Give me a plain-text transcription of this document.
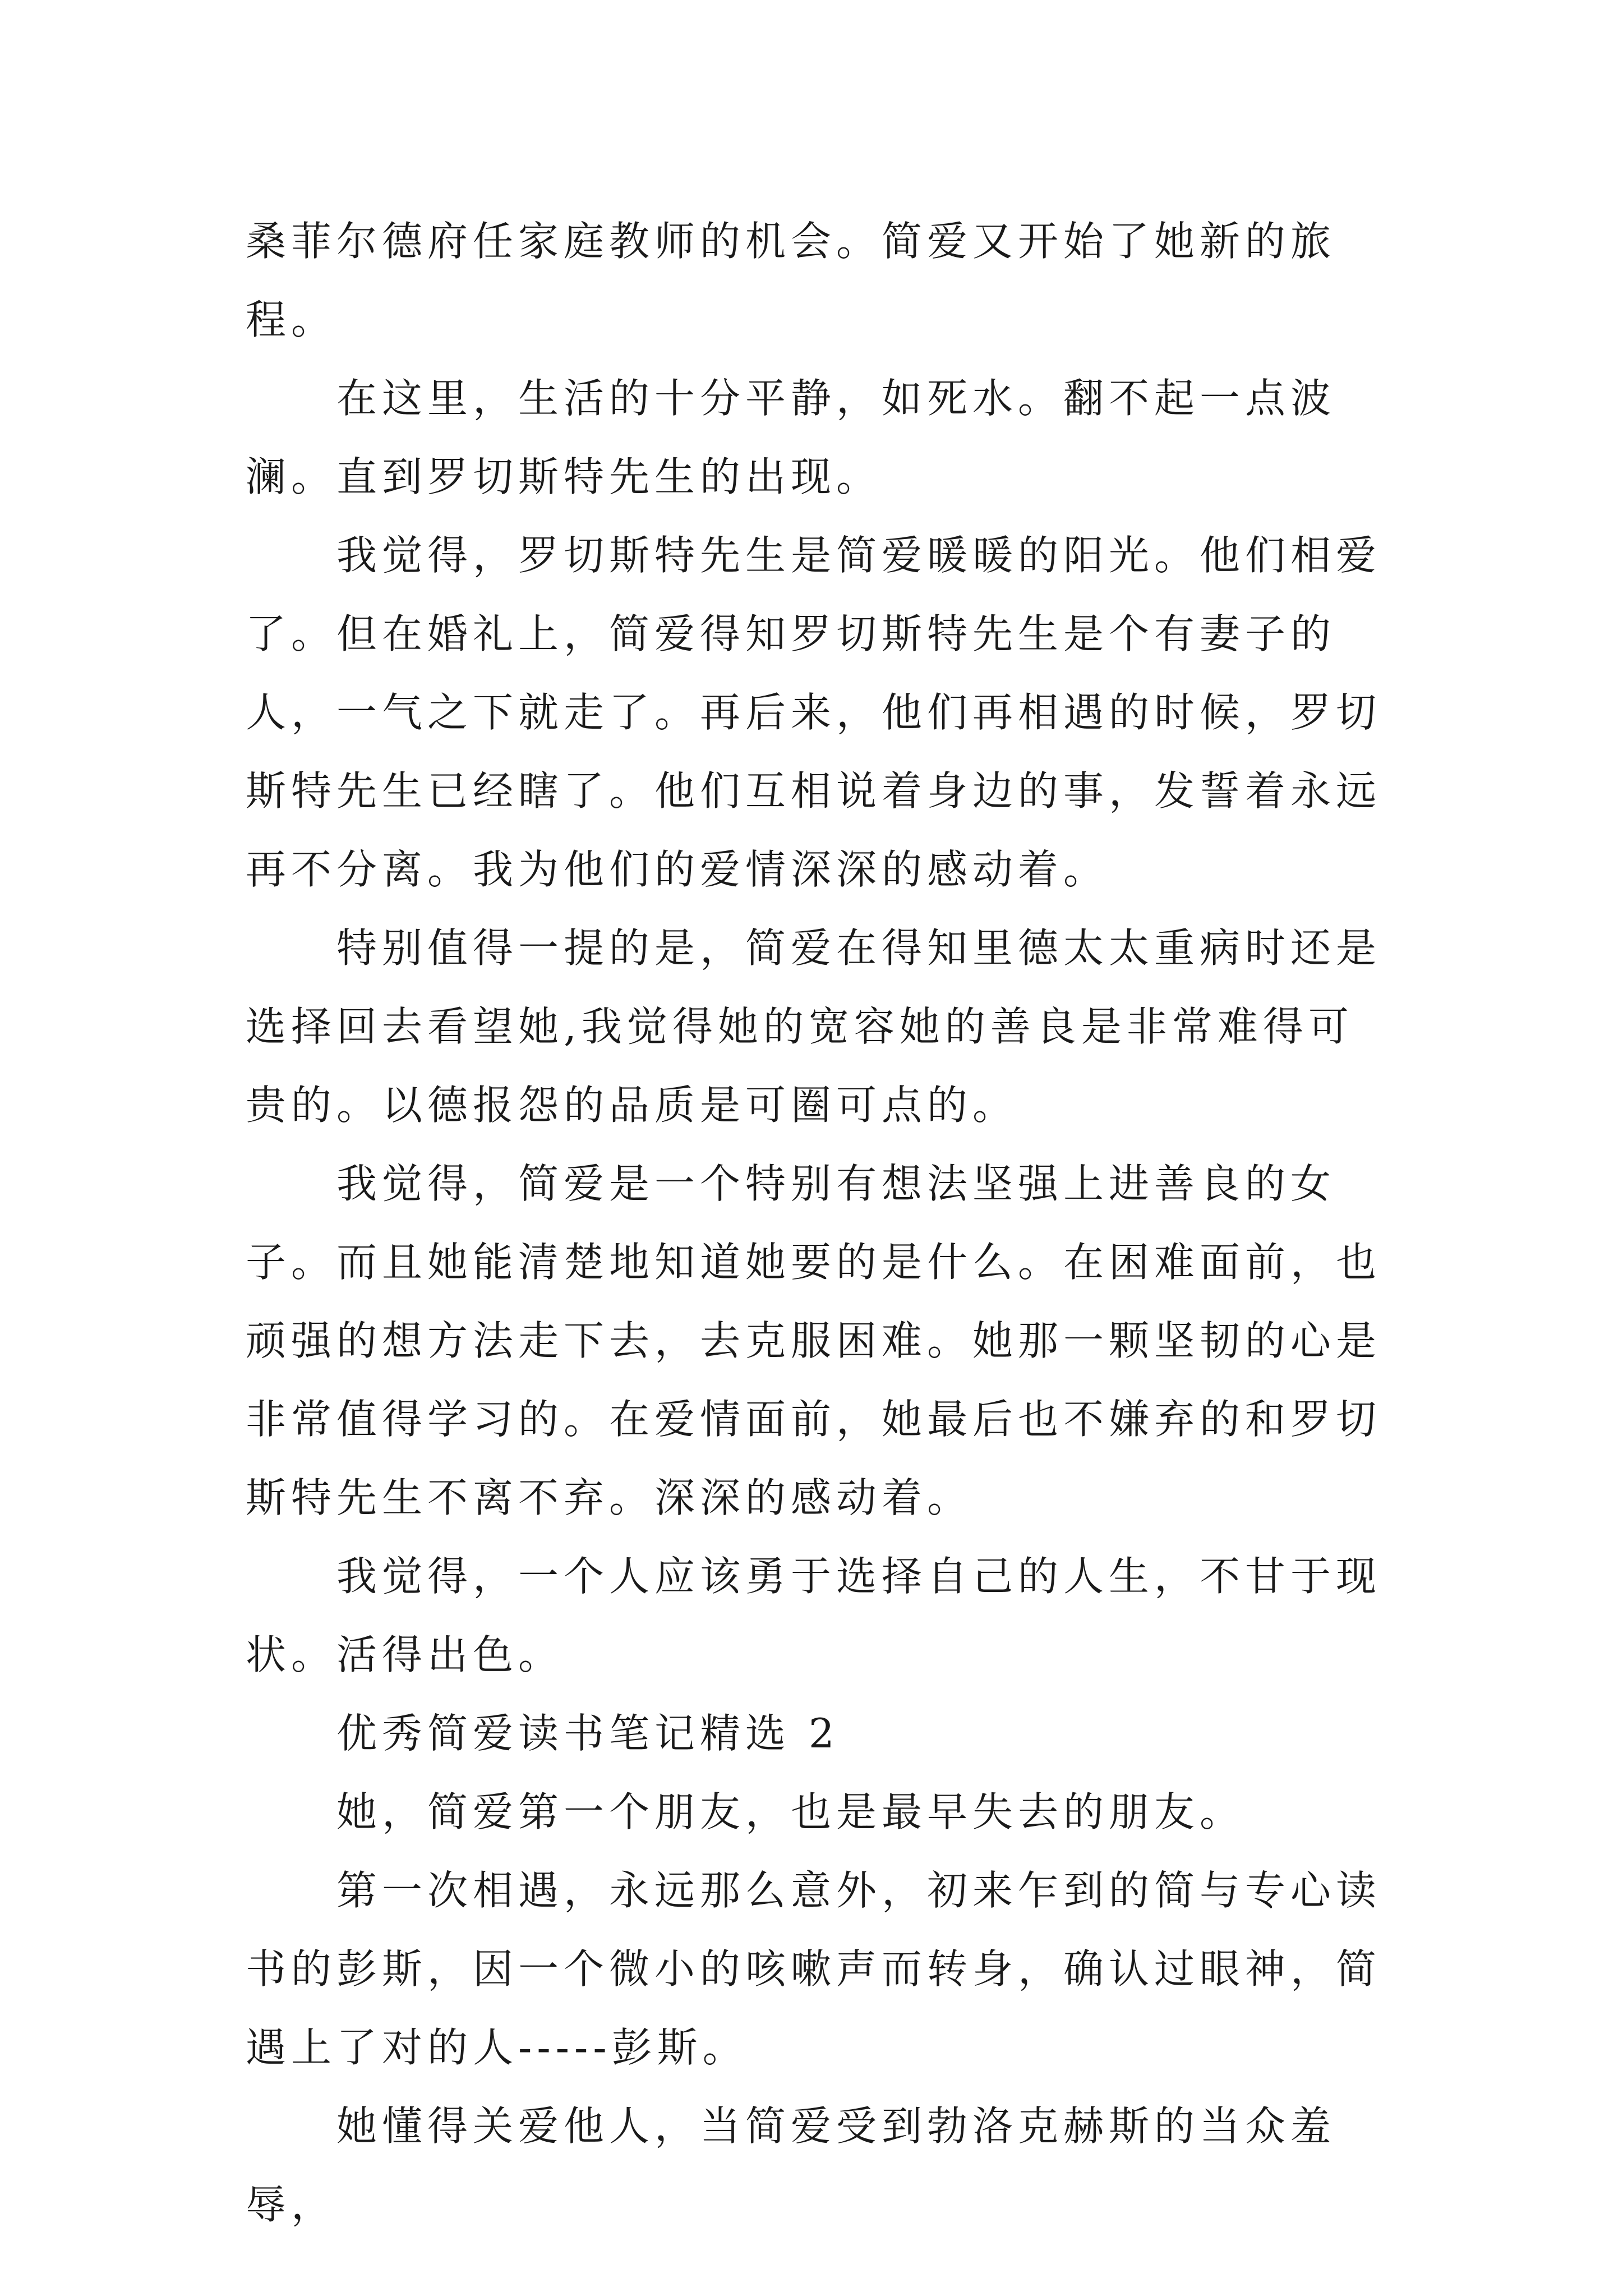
桑菲尔德府任家庭教师的机会。简爱又开始了她新的旅程。

在这里，生活的十分平静，如死水。翻不起一点波澜。直到罗切斯特先生的出现。

我觉得，罗切斯特先生是简爱暖暖的阳光。他们相爱了。但在婚礼上，简爱得知罗切斯特先生是个有妻子的人，一气之下就走了。再后来，他们再相遇的时候，罗切斯特先生已经瞎了。他们互相说着身边的事，发誓着永远再不分离。我为他们的爱情深深的感动着。

特别值得一提的是，简爱在得知里德太太重病时还是选择回去看望她,我觉得她的宽容她的善良是非常难得可贵的。以德报怨的品质是可圈可点的。

我觉得，简爱是一个特别有想法坚强上进善良的女子。而且她能清楚地知道她要的是什么。在困难面前，也顽强的想方法走下去，去克服困难。她那一颗坚韧的心是非常值得学习的。在爱情面前，她最后也不嫌弃的和罗切斯特先生不离不弃。深深的感动着。

我觉得，一个人应该勇于选择自己的人生，不甘于现状。活得出色。

优秀简爱读书笔记精选 2

她，简爱第一个朋友，也是最早失去的朋友。

第一次相遇，永远那么意外，初来乍到的简与专心读书的彭斯，因一个微小的咳嗽声而转身，确认过眼神，简遇上了对的人-----彭斯。

她懂得关爱他人，当简爱受到勃洛克赫斯的当众羞辱，
